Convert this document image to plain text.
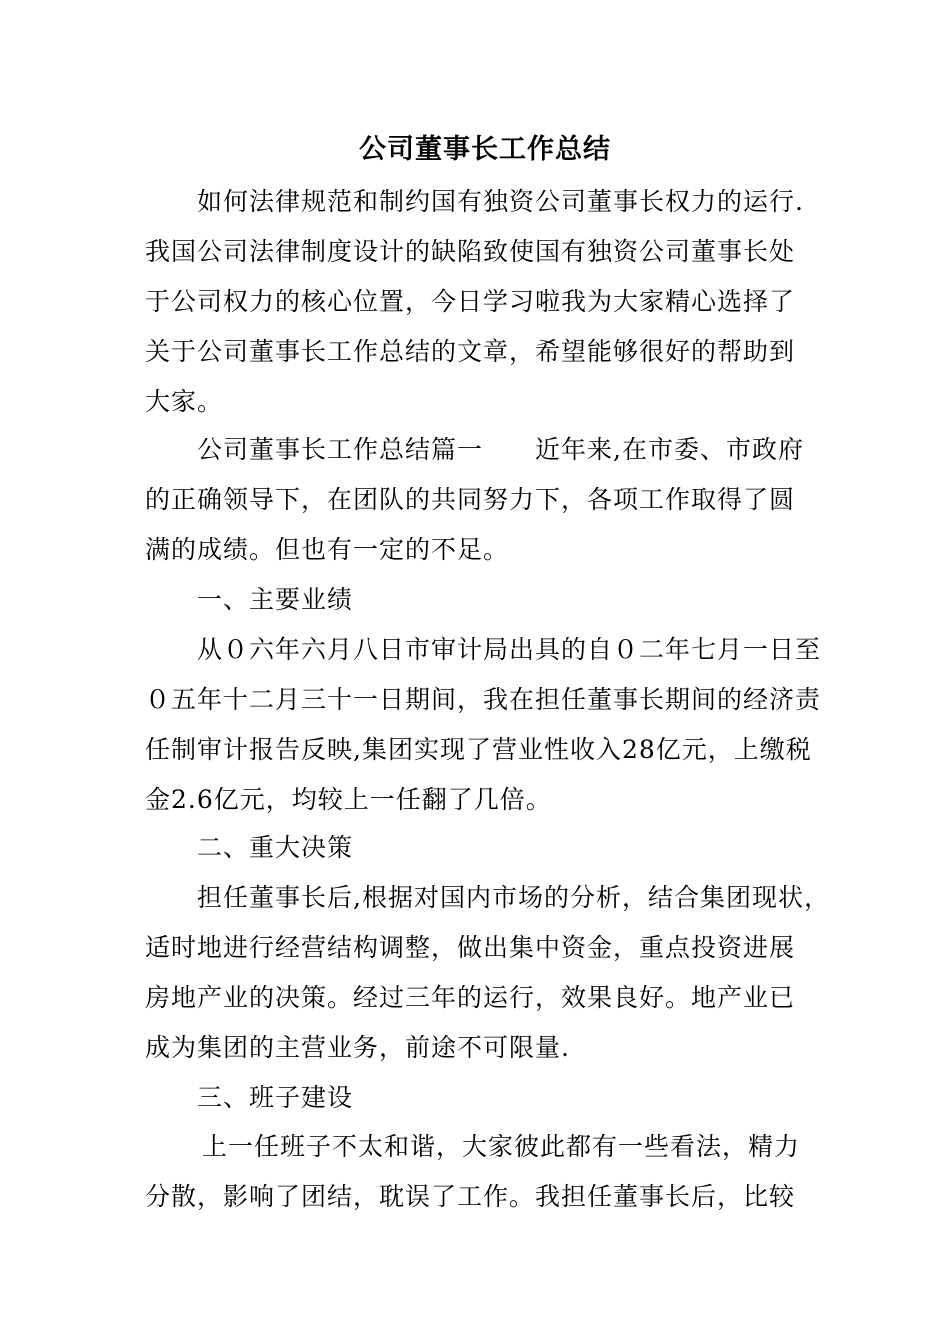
公司董事长工作总结
如何法律规范和制约国有独资公司董事长权力的运行.
我国公司法律制度设计的缺陷致使国有独资公司董事长处
于公司权力的核心位置，今日学习啦我为大家精心选择了
关于公司董事长工作总结的文章，希望能够很好的帮助到
大家。
公司董事长工作总结篇一　　近年来,在市委、市政府
的正确领导下，在团队的共同努力下，各项工作取得了圆
满的成绩。但也有一定的不足。
一、主要业绩
从０六年六月八日市审计局出具的自０二年七月一日至
０五年十二月三十一日期间，我在担任董事长期间的经济责
任制审计报告反映,集团实现了营业性收入28亿元，上缴税
金2.6亿元，均较上一任翻了几倍。
二、重大决策
担任董事长后,根据对国内市场的分析，结合集团现状，
适时地进行经营结构调整，做出集中资金，重点投资进展
房地产业的决策。经过三年的运行，效果良好。地产业已
成为集团的主营业务，前途不可限量.
三、班子建设
上一任班子不太和谐，大家彼此都有一些看法，精力
分散，影响了团结，耽误了工作。我担任董事长后，比较
